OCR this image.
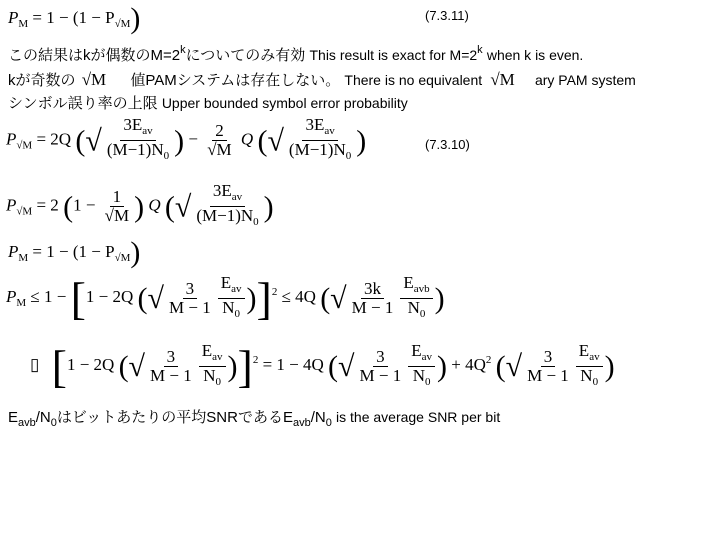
$P_M = 1 - (1 - P_{√M})$	(7.3.11)
この結果はkが偶数の$M=2^k$についてのみ有効 This result is exact for $M=2^k$ when k is even.
kが奇数の √M 値PAMシステムは存在しない。 There is no equivalent √M ary PAM system
シンボル誤り率の上限 Upper bounded symbol error probability
$P_{√M} = 2Q$ (√ $\frac{3E_{av}}{(M-1)N_0}$ ) − $\frac{2}{√M}$ Q (√ $\frac{3E_{av}}{(M-1)N_0}$ )	(7.3.10)
$P_{√M} = 2$ ($1 - \frac{1}{√M}$ ) Q (√ $\frac{3E_{av}}{(M-1)N_0}$ )
$P_M = 1 - (1 - P_{√M})$
$P_M \le 1 - [1 - 2Q$ (√ $\frac{3}{M - 1} \frac{E_{av}}{N_0} )]^2 \le 4Q$ (√ $\frac{3k}{M - 1} \frac{E_{avb}}{N_0}$ )
▯ [1 − 2Q (√ $\frac{3}{M - 1} \frac{E_{av}}{N_0} )]^2 = 1 - 4Q$ (√ $\frac{3}{M - 1} \frac{E_{av}}{N_0}$ ) + $4Q^2$ (√ $\frac{3}{M - 1} \frac{E_{av}}{N_0}$ )
$E_{avb}/N_0$はビットあたりの平均SNRである$E_{avb}/N_0$ is the average SNR per bit
